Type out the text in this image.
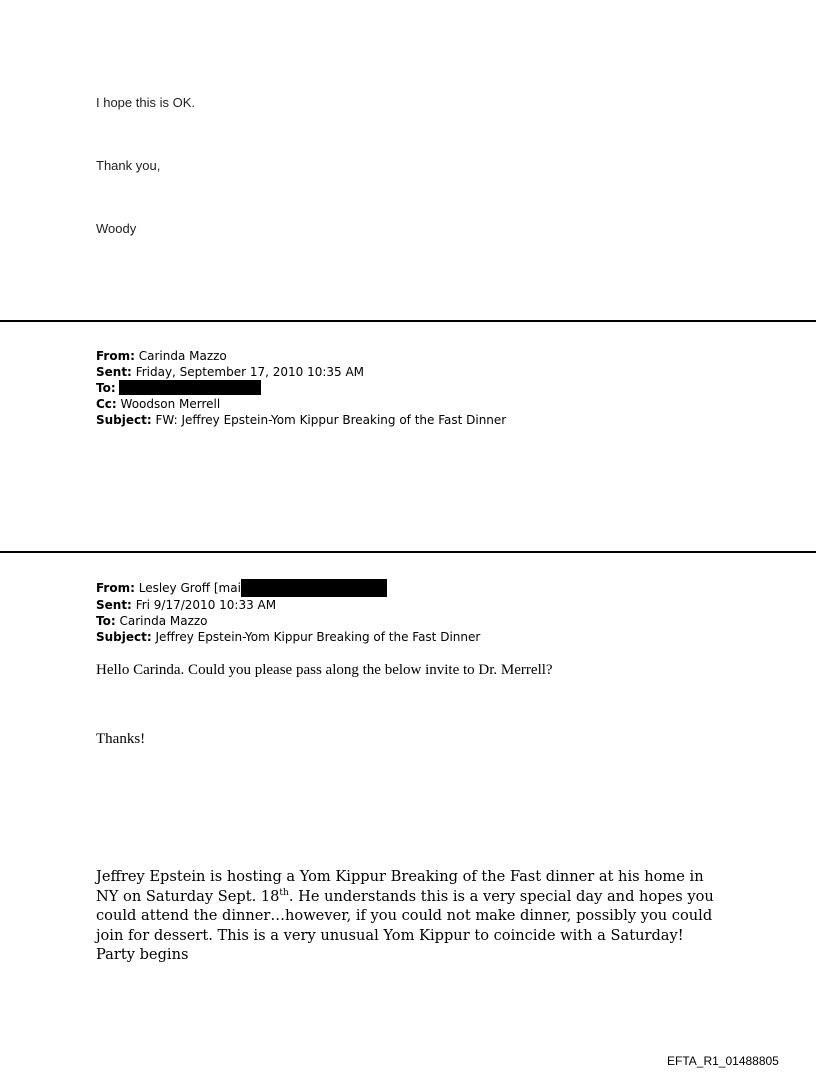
I hope this is OK.
Thank you,
Woody
From: Carinda Mazzo
Sent: Friday, September 17, 2010 10:35 AM
To:
Cc: Woodson Merrell
Subject: FW: Jeffrey Epstein-Yom Kippur Breaking of the Fast Dinner
From: Lesley Groff [mai
Sent: Fri 9/17/2010 10:33 AM
To: Carinda Mazzo
Subject: Jeffrey Epstein-Yom Kippur Breaking of the Fast Dinner
Hello Carinda. Could you please pass along the below invite to Dr. Merrell?
Thanks!
Jeffrey Epstein is hosting a Yom Kippur Breaking of the Fast dinner at his home in NY on Saturday Sept. 18th. He understands this is a very special day and hopes you could attend the dinner…however, if you could not make dinner, possibly you could join for dessert. This is a very unusual Yom Kippur to coincide with a Saturday! Party begins
EFTA_R1_01488805
